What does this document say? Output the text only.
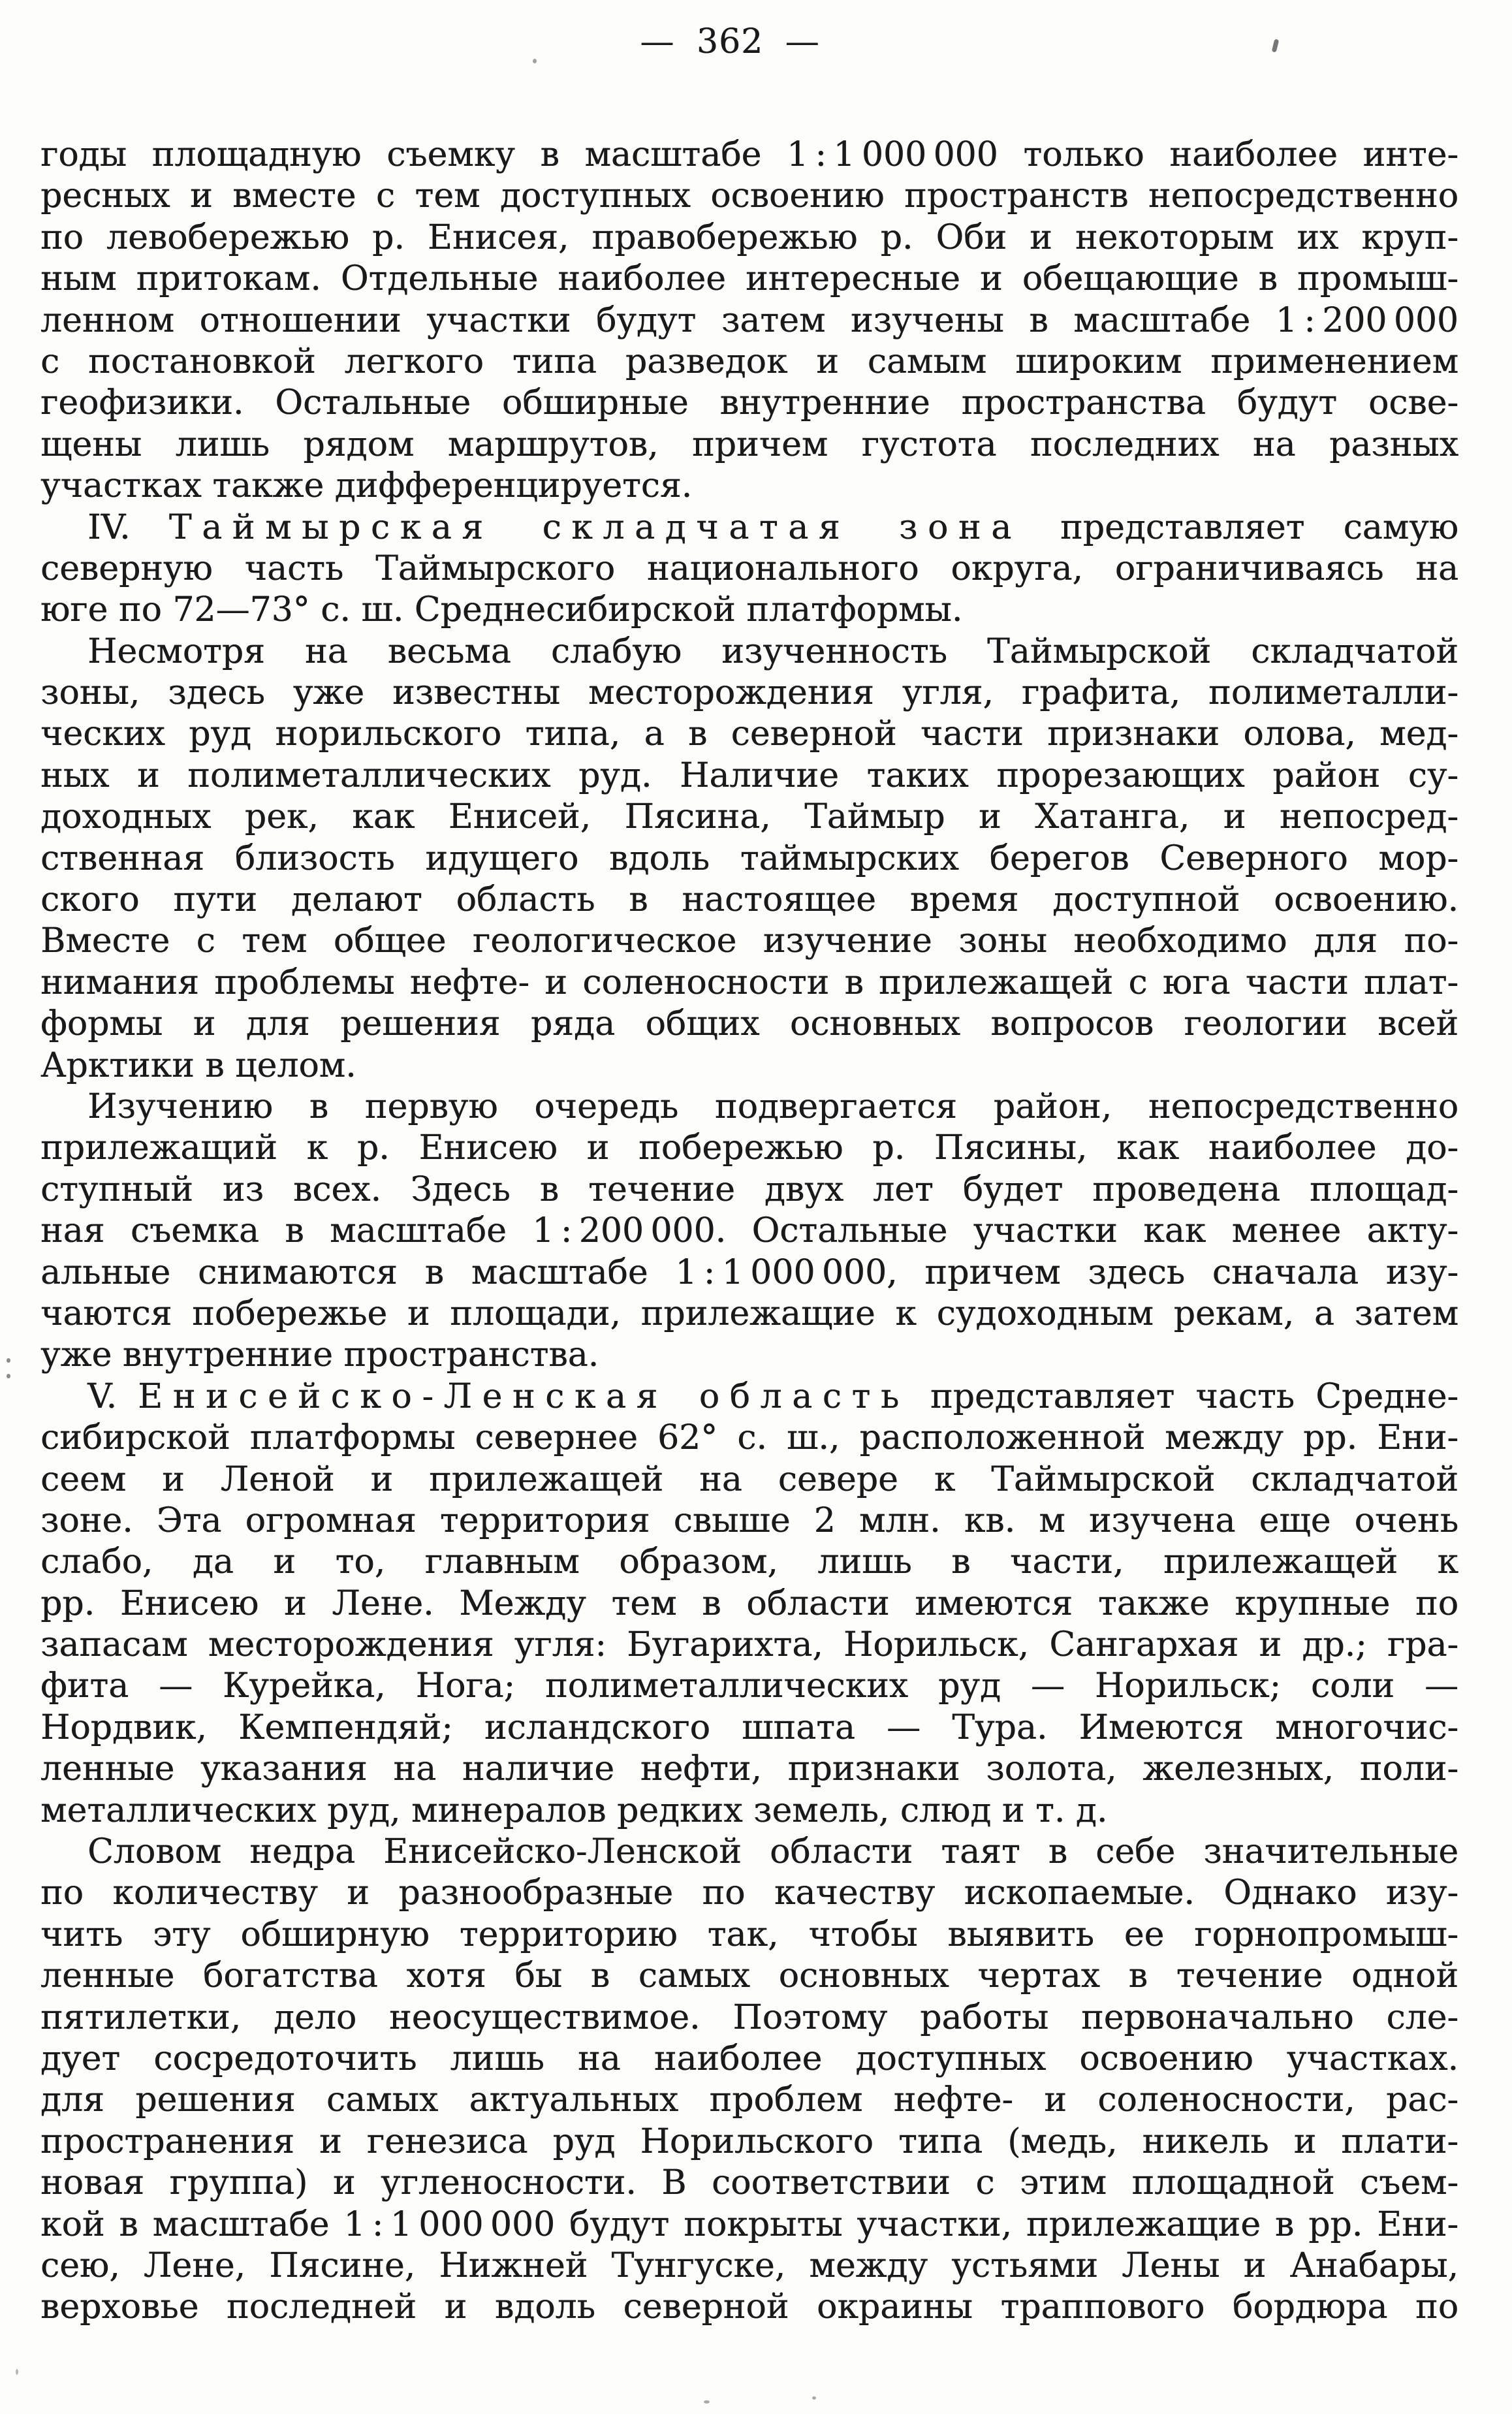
— 362 —
годы площадную съемку в масштабе 1 : 1 000 000 только наиболее инте-
ресных и вместе с тем доступных освоению пространств непосредственно
по левобережью р. Енисея, правобережью р. Оби и некоторым их круп-
ным притокам. Отдельные наиболее интересные и обещающие в промыш-
ленном отношении участки будут затем изучены в масштабе 1 : 200 000
с постановкой легкого типа разведок и самым широким применением
геофизики. Остальные обширные внутренние пространства будут осве-
щены лишь рядом маршрутов, причем густота последних на разных
участках также дифференцируется.
IV. Таймырская складчатая зона представляет самую
северную часть Таймырского национального округа, ограничиваясь на
юге по 72—73° с. ш. Среднесибирской платформы.
Несмотря на весьма слабую изученность Таймырской складчатой
зоны, здесь уже известны месторождения угля, графита, полиметалли-
ческих руд норильского типа, а в северной части признаки олова, мед-
ных и полиметаллических руд. Наличие таких прорезающих район су-
доходных рек, как Енисей, Пясина, Таймыр и Хатанга, и непосред-
ственная близость идущего вдоль таймырских берегов Северного мор-
ского пути делают область в настоящее время доступной освоению.
Вместе с тем общее геологическое изучение зоны необходимо для по-
нимания проблемы нефте- и соленосности в прилежащей с юга части плат-
формы и для решения ряда общих основных вопросов геологии всей
Арктики в целом.
Изучению в первую очередь подвергается район, непосредственно
прилежащий к р. Енисею и побережью р. Пясины, как наиболее до-
ступный из всех. Здесь в течение двух лет будет проведена площад-
ная съемка в масштабе 1 : 200 000. Остальные участки как менее акту-
альные снимаются в масштабе 1 : 1 000 000, причем здесь сначала изу-
чаются побережье и площади, прилежащие к судоходным рекам, а затем
уже внутренние пространства.
V. Енисейско-Ленская область представляет часть Средне-
сибирской платформы севернее 62° с. ш., расположенной между рр. Ени-
сеем и Леной и прилежащей на севере к Таймырской складчатой
зоне. Эта огромная территория свыше 2 млн. кв. м изучена еще очень
слабо, да и то, главным образом, лишь в части, прилежащей к
рр. Енисею и Лене. Между тем в области имеются также крупные по
запасам месторождения угля: Бугарихта, Норильск, Сангархая и др.; гра-
фита — Курейка, Нога; полиметаллических руд — Норильск; соли —
Нордвик, Кемпендяй; исландского шпата — Тура. Имеются многочис-
ленные указания на наличие нефти, признаки золота, железных, поли-
металлических руд, минералов редких земель, слюд и т. д.
Словом недра Енисейско-Ленской области таят в себе значительные
по количеству и разнообразные по качеству ископаемые. Однако изу-
чить эту обширную территорию так, чтобы выявить ее горнопромыш-
ленные богатства хотя бы в самых основных чертах в течение одной
пятилетки, дело неосуществимое. Поэтому работы первоначально сле-
дует сосредоточить лишь на наиболее доступных освоению участках.
для решения самых актуальных проблем нефте- и соленосности, рас-
пространения и генезиса руд Норильского типа (медь, никель и плати-
новая группа) и угленосности. В соответствии с этим площадной съем-
кой в масштабе 1 : 1 000 000 будут покрыты участки, прилежащие в рр. Ени-
сею, Лене, Пясине, Нижней Тунгуске, между устьями Лены и Анабары,
верховье последней и вдоль северной окраины траппового бордюра по
